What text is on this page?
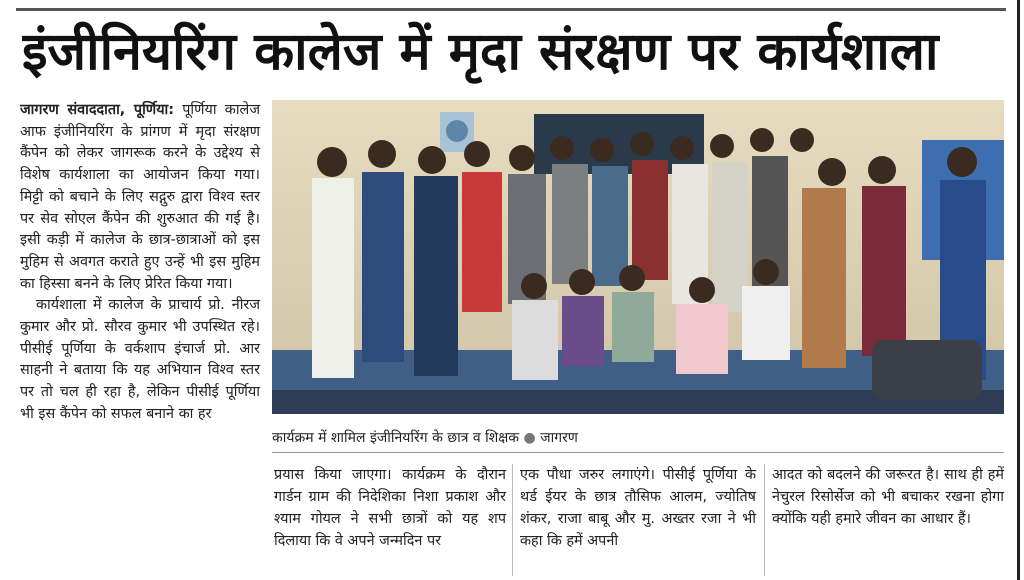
इंजीनियरिंग कालेज में मृदा संरक्षण पर कार्यशाला

जागरण संवाददाता, पूर्णिया: पूर्णिया कालेज आफ इंजीनियरिंग के प्रांगण में मृदा संरक्षण कैंपेन को लेकर जागरूक करने के उद्देश्य से विशेष कार्यशाला का आयोजन किया गया। मिट्टी को बचाने के लिए सद्गुरु द्वारा विश्व स्तर पर सेव सोएल कैंपेन की शुरुआत की गई है। इसी कड़ी में कालेज के छात्र-छात्राओं को इस मुहिम से अवगत कराते हुए उन्हें भी इस मुहिम का हिस्सा बनने के लिए प्रेरित किया गया।

कार्यशाला में कालेज के प्राचार्य प्रो. नीरज कुमार और प्रो. सौरव कुमार भी उपस्थित रहे। पीसीई पूर्णिया के वर्कशाप इंचार्ज प्रो. आर साहनी ने बताया कि यह अभियान विश्व स्तर पर तो चल ही रहा है, लेकिन पीसीई पूर्णिया भी इस कैंपेन को सफल बनाने का हर

कार्यक्रम में शामिल इंजीनियरिंग के छात्र व शिक्षक ● जागरण

प्रयास किया जाएगा। कार्यक्रम के दौरान गार्डन ग्राम की निदेशिका निशा प्रकाश और श्याम गोयल ने सभी छात्रों को यह शप दिलाया कि वे अपने जन्मदिन पर

एक पौधा जरुर लगाएंगे। पीसीई पूर्णिया के थर्ड ईयर के छात्र तौसिफ आलम, ज्योतिष शंकर, राजा बाबू और मु. अख्तर रजा ने भी कहा कि हमें अपनी

आदत को बदलने की जरूरत है। साथ ही हमें नेचुरल रिसोर्सेज को भी बचाकर रखना होगा क्योंकि यही हमारे जीवन का आधार हैं।
